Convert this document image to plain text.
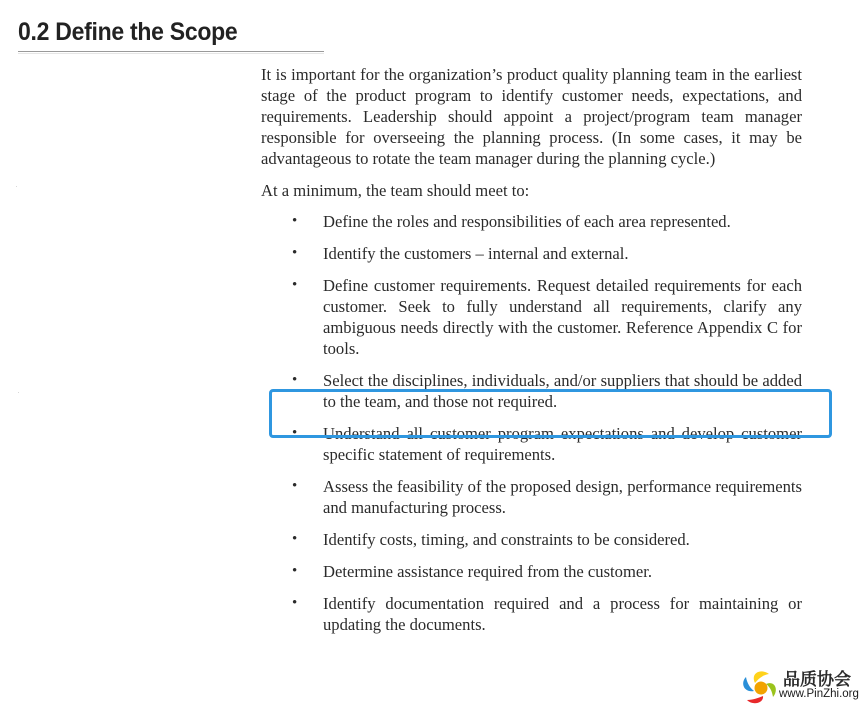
0.2 Define the Scope

It is important for the organization’s product quality planning team in the earliest stage of the product program to identify customer needs, expectations, and requirements. Leadership should appoint a project/program team manager responsible for overseeing the planning process. (In some cases, it may be advantageous to rotate the team manager during the planning cycle.)

At a minimum, the team should meet to:

• Define the roles and responsibilities of each area represented.
• Identify the customers – internal and external.
• Define customer requirements. Request detailed requirements for each customer. Seek to fully understand all requirements, clarify any ambiguous needs directly with the customer. Reference Appendix C for tools.
• Select the disciplines, individuals, and/or suppliers that should be added to the team, and those not required.
• Understand all customer program expectations and develop customer specific statement of requirements.
• Assess the feasibility of the proposed design, performance requirements and manufacturing process.
• Identify costs, timing, and constraints to be considered.
• Determine assistance required from the customer.
• Identify documentation required and a process for maintaining or updating the documents.
品质协会
www.PinZhi.org
